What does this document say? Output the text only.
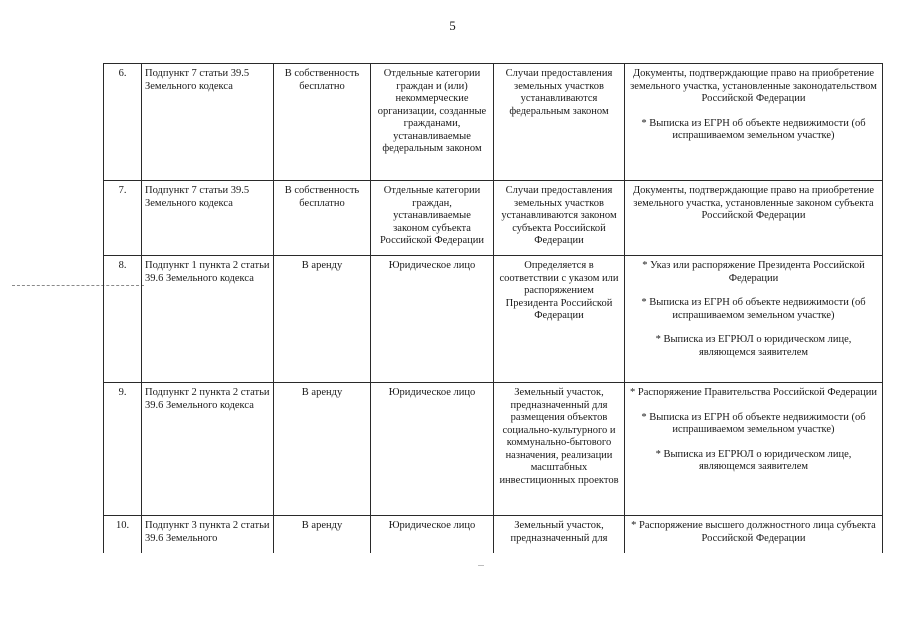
5
6.	Подпункт 7 статьи 39.5 Земельного кодекса	В собственность бесплатно	Отдельные категории граждан и (или) некоммерческие организации, созданные гражданами, устанавливаемые федеральным законом	Случаи предоставления земельных участков устанавливаются федеральным законом	Документы, подтверждающие право на приобретение земельного участка, установленные законодательством Российской Федерации
* Выписка из ЕГРН об объекте недвижимости (об испрашиваемом земельном участке)

7.	Подпункт 7 статьи 39.5 Земельного кодекса	В собственность бесплатно	Отдельные категории граждан, устанавливаемые законом субъекта Российской Федерации	Случаи предоставления земельных участков устанавливаются законом субъекта Российской Федерации	Документы, подтверждающие право на приобретение земельного участка, установленные законом субъекта Российской Федерации

8.	Подпункт 1 пункта 2 статьи 39.6 Земельного кодекса	В аренду	Юридическое лицо	Определяется в соответствии с указом или распоряжением Президента Российской Федерации	* Указ или распоряжение Президента Российской Федерации
* Выписка из ЕГРН об объекте недвижимости (об испрашиваемом земельном участке)
* Выписка из ЕГРЮЛ о юридическом лице, являющемся заявителем

9.	Подпункт 2 пункта 2 статьи 39.6 Земельного кодекса	В аренду	Юридическое лицо	Земельный участок, предназначенный для размещения объектов социально-культурного и коммунально-бытового назначения, реализации масштабных инвестиционных проектов	* Распоряжение Правительства Российской Федерации
* Выписка из ЕГРН об объекте недвижимости (об испрашиваемом земельном участке)
* Выписка из ЕГРЮЛ о юридическом лице, являющемся заявителем

10.	Подпункт 3 пункта 2 статьи 39.6 Земельного	В аренду	Юридическое лицо	Земельный участок, предназначенный для	* Распоряжение высшего должностного лица субъекта Российской Федерации
